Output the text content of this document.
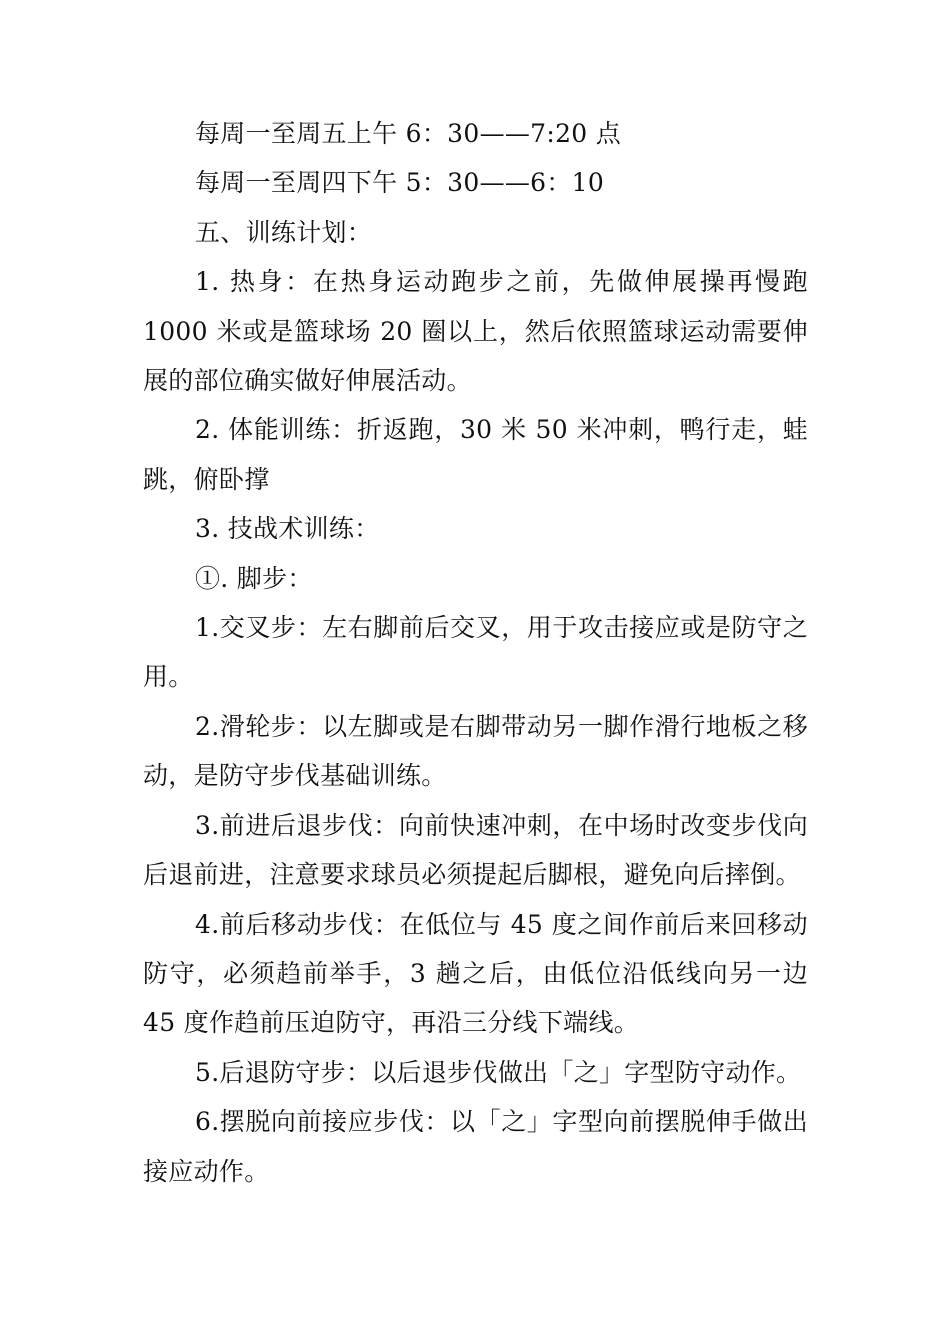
每周一至周五上午 6：30——7:20 点

每周一至周四下午 5：30——6：10

五、训练计划：

1. 热身：在热身运动跑步之前，先做伸展操再慢跑 1000 米或是篮球场 20 圈以上，然后依照篮球运动需要伸展的部位确实做好伸展活动。

2. 体能训练：折返跑，30 米 50 米冲刺，鸭行走，蛙跳，俯卧撑

3. 技战术训练：

①. 脚步：

1.交叉步：左右脚前后交叉，用于攻击接应或是防守之用。

2.滑轮步：以左脚或是右脚带动另一脚作滑行地板之移动，是防守步伐基础训练。

3.前进后退步伐：向前快速冲刺，在中场时改变步伐向后退前进，注意要求球员必须提起后脚根，避免向后摔倒。

4.前后移动步伐：在低位与 45 度之间作前后来回移动防守，必须趋前举手，3 趟之后，由低位沿低线向另一边 45 度作趋前压迫防守，再沿三分线下端线。

5.后退防守步：以后退步伐做出「之」字型防守动作。

6.摆脱向前接应步伐：以「之」字型向前摆脱伸手做出接应动作。
